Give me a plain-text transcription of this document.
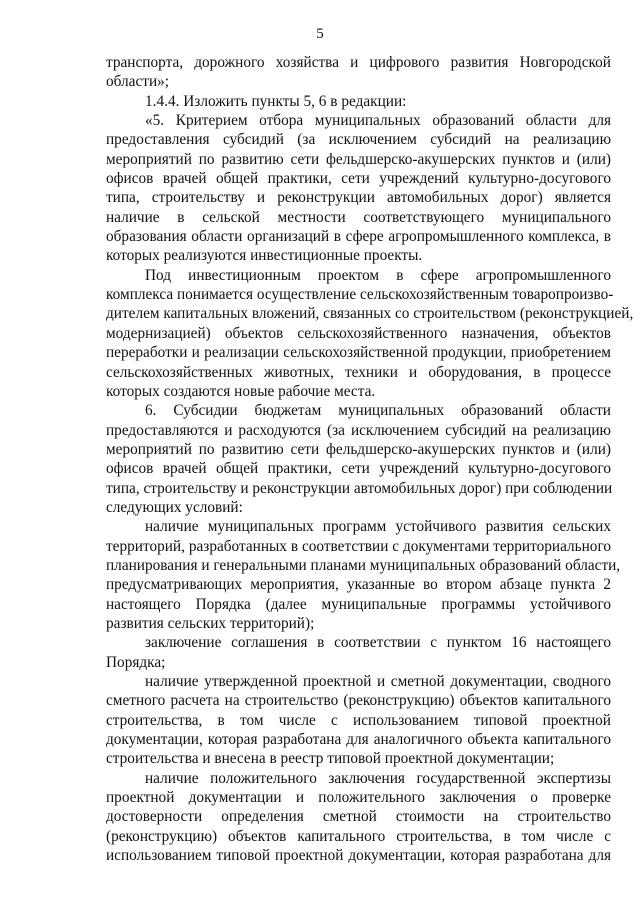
5
транспорта, дорожного хозяйства и цифрового развития Новгородской
области»;
1.4.4. Изложить пункты 5, 6 в редакции:
«5. Критерием отбора муниципальных образований области для
предоставления субсидий (за исключением субсидий на реализацию
мероприятий по развитию сети фельдшерско-акушерских пунктов и (или)
офисов врачей общей практики, сети учреждений культурно-досугового
типа, строительству и реконструкции автомобильных дорог) является
наличие в сельской местности соответствующего муниципального
образования области организаций в сфере агропромышленного комплекса, в
которых реализуются инвестиционные проекты.
Под инвестиционным проектом в сфере агропромышленного
комплекса понимается осуществление сельскохозяйственным товаропроизво-
дителем капитальных вложений, связанных со строительством (реконструкцией,
модернизацией) объектов сельскохозяйственного назначения, объектов
переработки и реализации сельскохозяйственной продукции, приобретением
сельскохозяйственных животных, техники и оборудования, в процессе
которых создаются новые рабочие места.
6. Субсидии бюджетам муниципальных образований области
предоставляются и расходуются (за исключением субсидий на реализацию
мероприятий по развитию сети фельдшерско-акушерских пунктов и (или)
офисов врачей общей практики, сети учреждений культурно-досугового
типа, строительству и реконструкции автомобильных дорог) при соблюдении
следующих условий:
наличие муниципальных программ устойчивого развития сельских
территорий, разработанных в соответствии с документами территориального
планирования и генеральными планами муниципальных образований области,
предусматривающих мероприятия, указанные во втором абзаце пункта 2
настоящего Порядка (далее муниципальные программы устойчивого
развития сельских территорий);
заключение соглашения в соответствии с пунктом 16 настоящего
Порядка;
наличие утвержденной проектной и сметной документации, сводного
сметного расчета на строительство (реконструкцию) объектов капитального
строительства, в том числе с использованием типовой проектной
документации, которая разработана для аналогичного объекта капитального
строительства и внесена в реестр типовой проектной документации;
наличие положительного заключения государственной экспертизы
проектной документации и положительного заключения о проверке
достоверности определения сметной стоимости на строительство
(реконструкцию) объектов капитального строительства, в том числе с
использованием типовой проектной документации, которая разработана для
